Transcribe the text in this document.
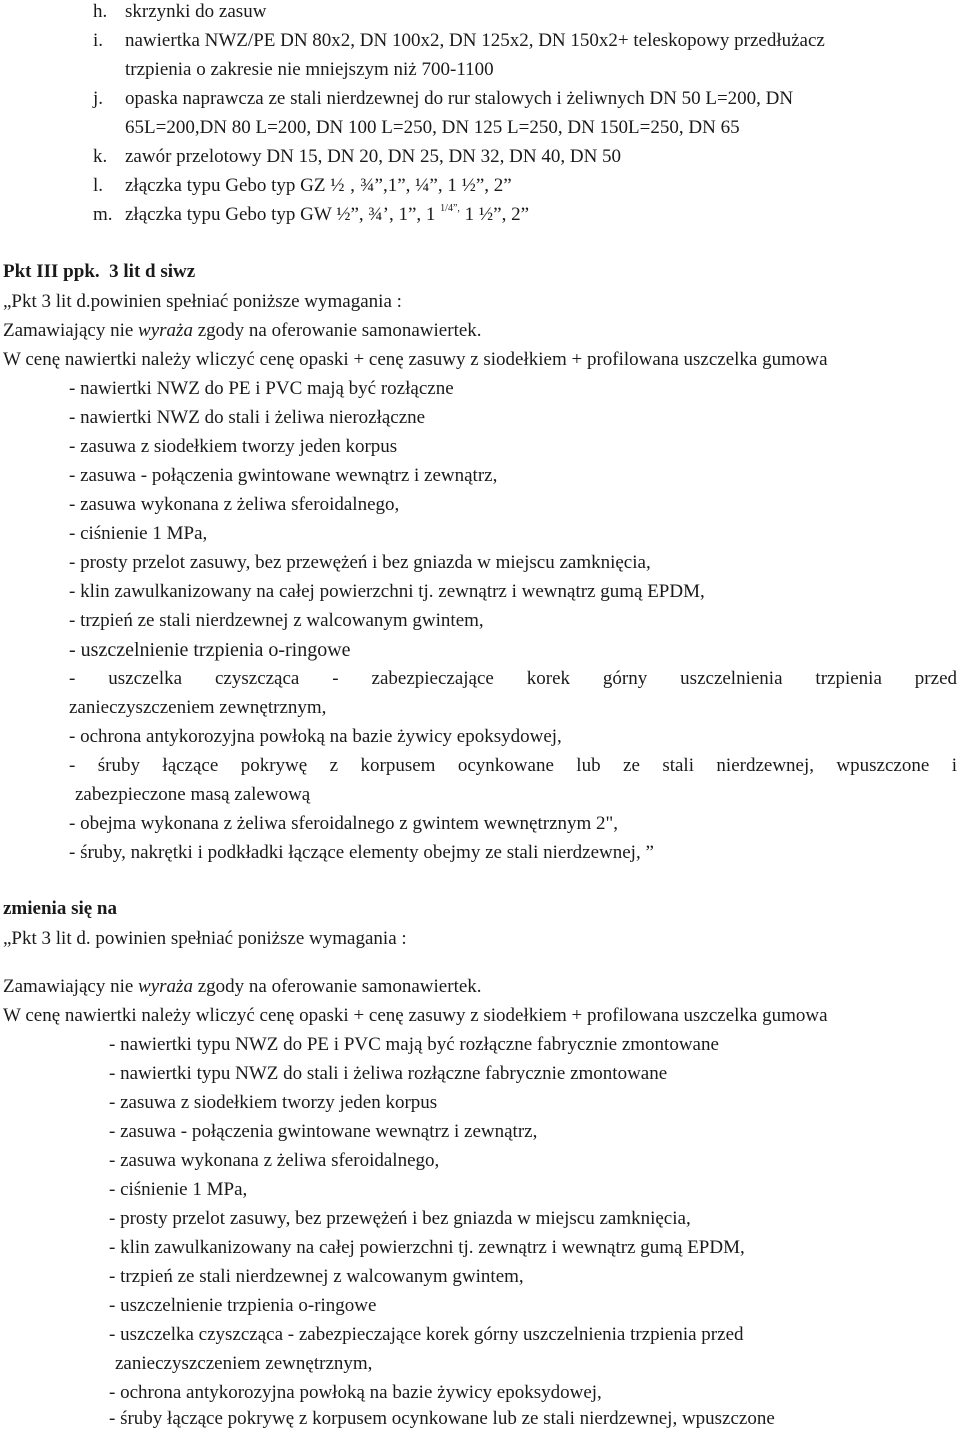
h. skrzynki do zasuw
i. nawiertka NWZ/PE DN 80x2, DN 100x2, DN 125x2, DN 150x2+ teleskopowy przedłużacz
trzpienia o zakresie nie mniejszym niż 700-1100
j. opaska naprawcza ze stali nierdzewnej do rur stalowych i żeliwnych DN 50 L=200, DN
65L=200,DN 80 L=200, DN 100 L=250, DN 125 L=250, DN 150L=250, DN 65
k. zawór przelotowy DN 15, DN 20, DN 25, DN 32, DN 40, DN 50
l. złączka typu Gebo typ GZ ½ ‚ ¾”,1”, ¼”, 1 ½”, 2”
m. złączka typu Gebo typ GW ½”, ¾’, 1”, 1 $^{1/4”,}$ 1 ½”, 2”
Pkt III ppk. 3 lit d siwz
„Pkt 3 lit d.powinien spełniać poniższe wymagania :
Zamawiający nie wyraża zgody na oferowanie samonawiertek.
W cenę nawiertki należy wliczyć cenę opaski + cenę zasuwy z siodełkiem + profilowana uszczelka gumowa
- nawiertki NWZ do PE i PVC mają być rozłączne
- nawiertki NWZ do stali i żeliwa nierozłączne
- zasuwa z siodełkiem tworzy jeden korpus
- zasuwa - połączenia gwintowane wewnątrz i zewnątrz,
- zasuwa wykonana z żeliwa sferoidalnego,
- ciśnienie 1 MPa,
- prosty przelot zasuwy, bez przewężeń i bez gniazda w miejscu zamknięcia,
- klin zawulkanizowany na całej powierzchni tj. zewnątrz i wewnątrz gumą EPDM,
- trzpień ze stali nierdzewnej z walcowanym gwintem,
- uszczelnienie trzpienia o-ringowe
- uszczelka czyszcząca - zabezpieczające korek górny uszczelnienia trzpienia przed
zanieczyszczeniem zewnętrznym,
- ochrona antykorozyjna powłoką na bazie żywicy epoksydowej,
- śruby łączące pokrywę z korpusem ocynkowane lub ze stali nierdzewnej, wpuszczone i
zabezpieczone masą zalewową
- obejma wykonana z żeliwa sferoidalnego z gwintem wewnętrznym 2",
- śruby, nakrętki i podkładki łączące elementy obejmy ze stali nierdzewnej, ”
zmienia się na
„Pkt 3 lit d. powinien spełniać poniższe wymagania :
Zamawiający nie wyraża zgody na oferowanie samonawiertek.
W cenę nawiertki należy wliczyć cenę opaski + cenę zasuwy z siodełkiem + profilowana uszczelka gumowa
- nawiertki typu NWZ do PE i PVC mają być rozłączne fabrycznie zmontowane
- nawiertki typu NWZ do stali i żeliwa rozłączne fabrycznie zmontowane
- zasuwa z siodełkiem tworzy jeden korpus
- zasuwa - połączenia gwintowane wewnątrz i zewnątrz,
- zasuwa wykonana z żeliwa sferoidalnego,
- ciśnienie 1 MPa,
- prosty przelot zasuwy, bez przewężeń i bez gniazda w miejscu zamknięcia,
- klin zawulkanizowany na całej powierzchni tj. zewnątrz i wewnątrz gumą EPDM,
- trzpień ze stali nierdzewnej z walcowanym gwintem,
- uszczelnienie trzpienia o-ringowe
- uszczelka czyszcząca - zabezpieczające korek górny uszczelnienia trzpienia przed
zanieczyszczeniem zewnętrznym,
- ochrona antykorozyjna powłoką na bazie żywicy epoksydowej,
- śruby łączące pokrywę z korpusem ocynkowane lub ze stali nierdzewnej, wpuszczone
